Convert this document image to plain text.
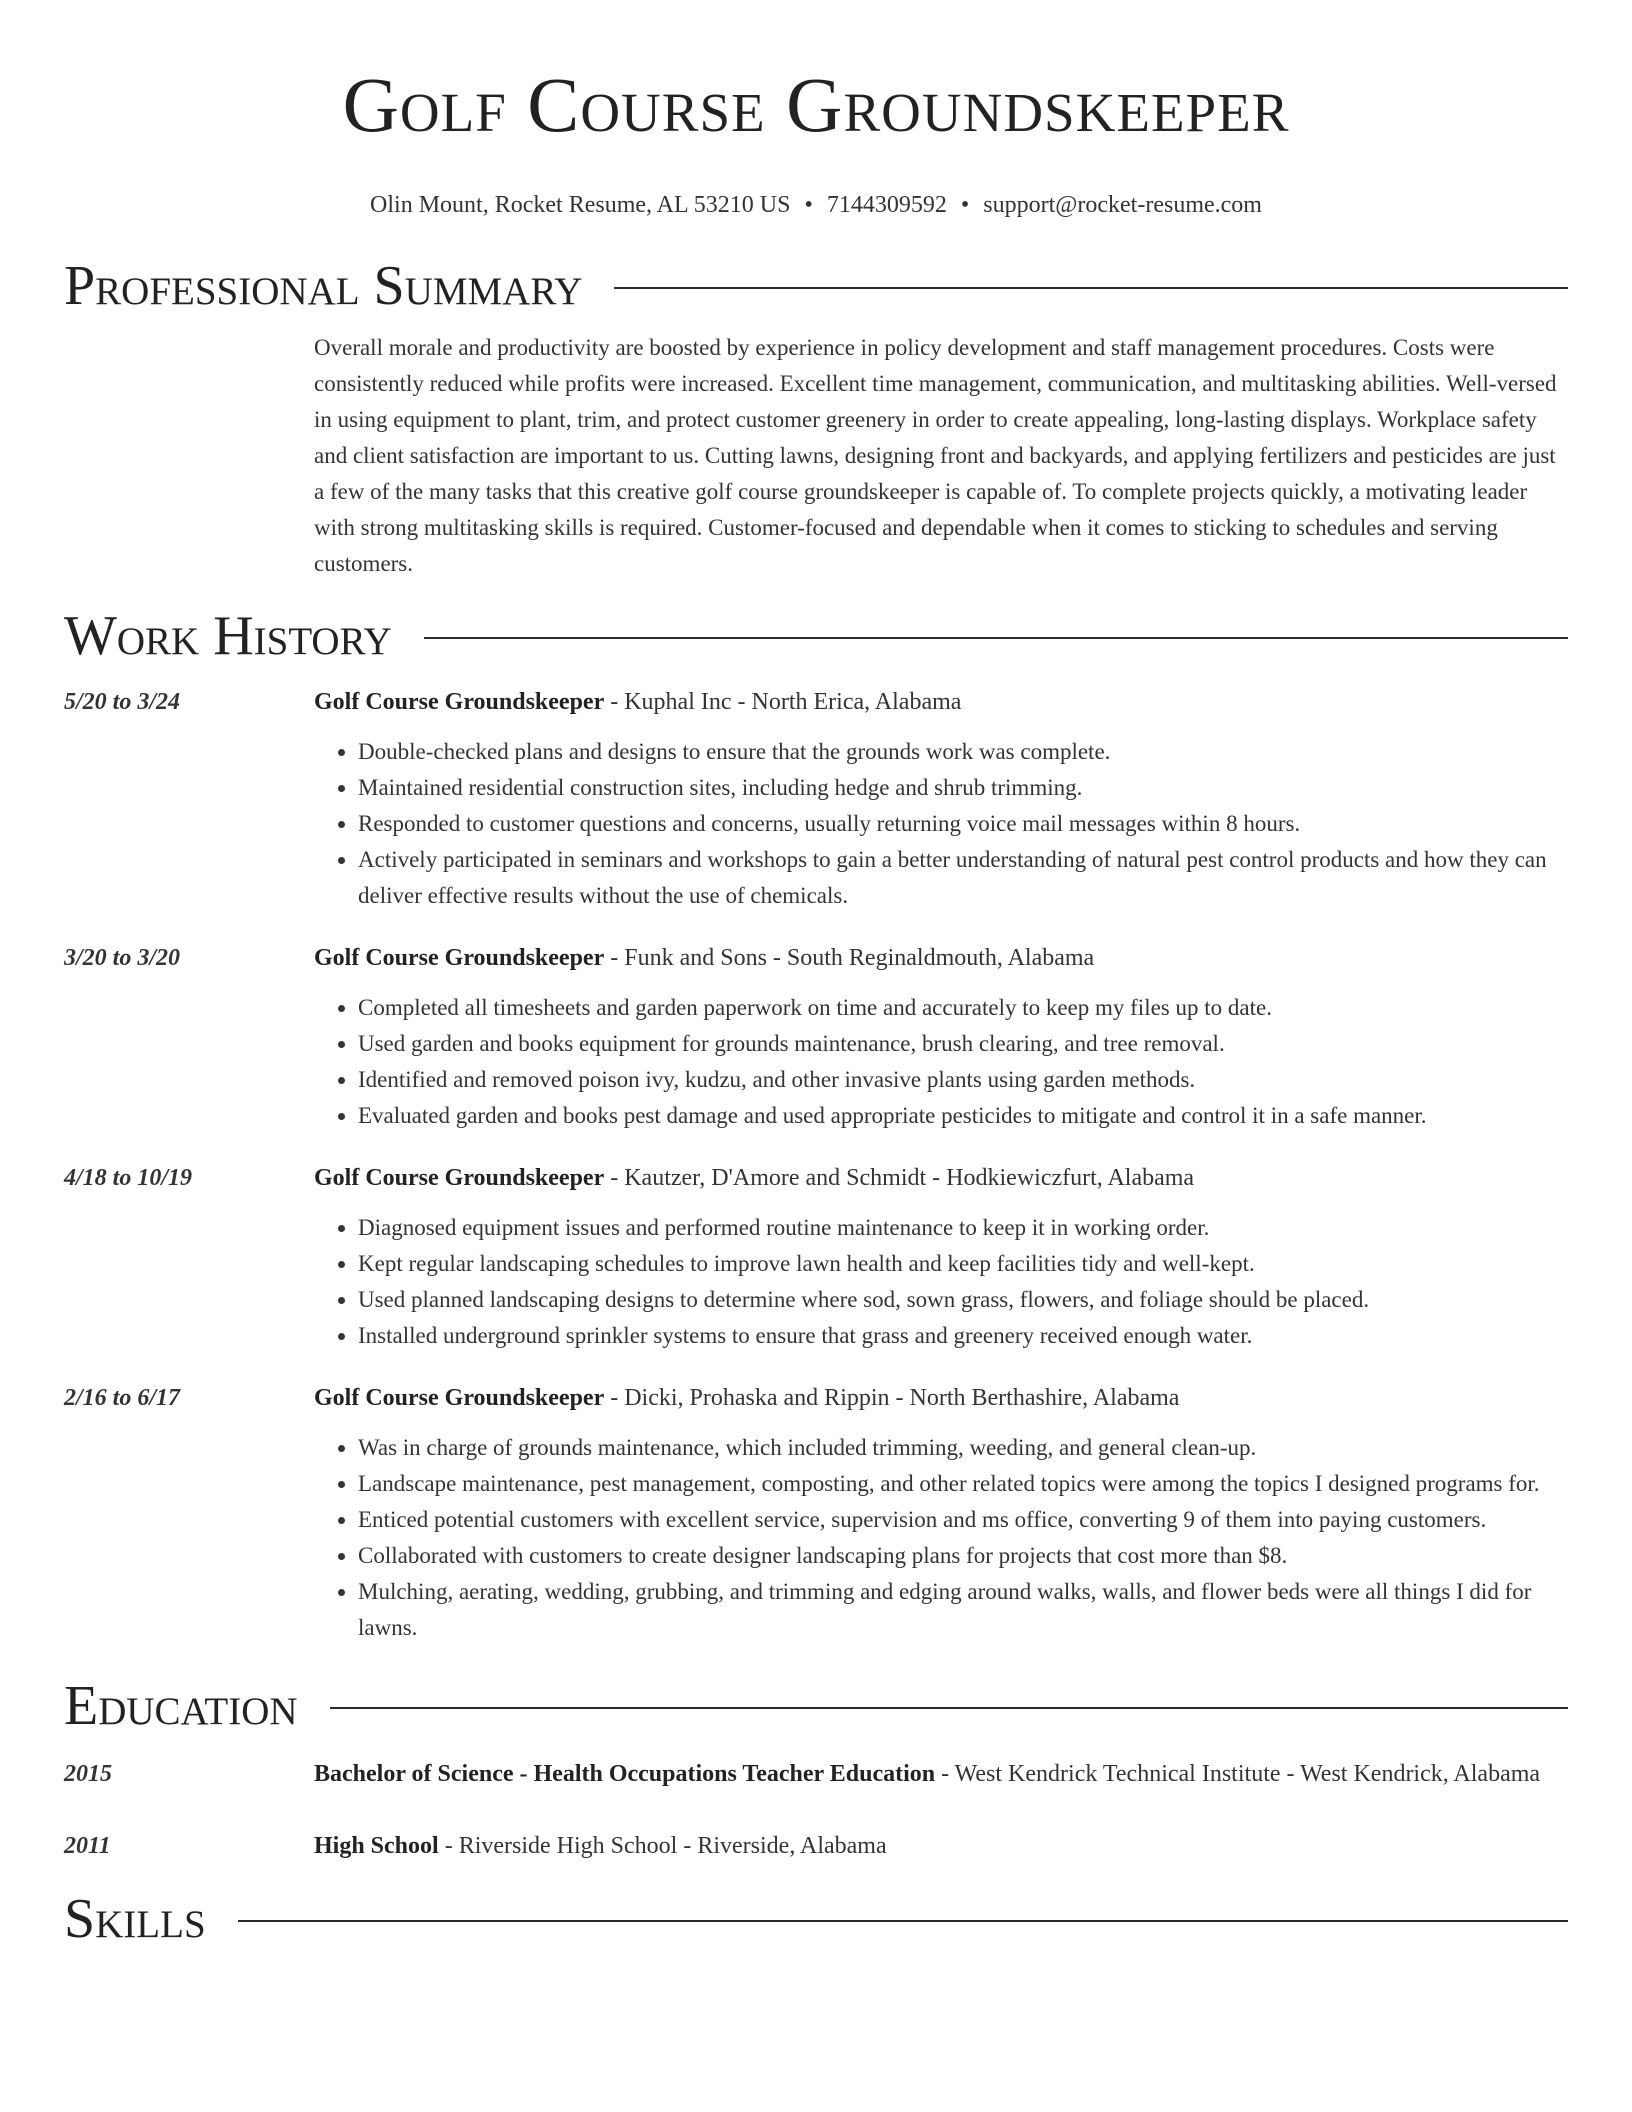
Golf Course Groundskeeper
Olin Mount, Rocket Resume, AL 53210 US • 7144309592 • support@rocket-resume.com
Professional Summary
Overall morale and productivity are boosted by experience in policy development and staff management procedures. Costs were consistently reduced while profits were increased. Excellent time management, communication, and multitasking abilities. Well-versed in using equipment to plant, trim, and protect customer greenery in order to create appealing, long-lasting displays. Workplace safety and client satisfaction are important to us. Cutting lawns, designing front and backyards, and applying fertilizers and pesticides are just a few of the many tasks that this creative golf course groundskeeper is capable of. To complete projects quickly, a motivating leader with strong multitasking skills is required. Customer-focused and dependable when it comes to sticking to schedules and serving customers.
Work History
5/20 to 3/24	Golf Course Groundskeeper - Kuphal Inc - North Erica, Alabama
• Double-checked plans and designs to ensure that the grounds work was complete.
• Maintained residential construction sites, including hedge and shrub trimming.
• Responded to customer questions and concerns, usually returning voice mail messages within 8 hours.
• Actively participated in seminars and workshops to gain a better understanding of natural pest control products and how they can deliver effective results without the use of chemicals.
3/20 to 3/20	Golf Course Groundskeeper - Funk and Sons - South Reginaldmouth, Alabama
• Completed all timesheets and garden paperwork on time and accurately to keep my files up to date.
• Used garden and books equipment for grounds maintenance, brush clearing, and tree removal.
• Identified and removed poison ivy, kudzu, and other invasive plants using garden methods.
• Evaluated garden and books pest damage and used appropriate pesticides to mitigate and control it in a safe manner.
4/18 to 10/19	Golf Course Groundskeeper - Kautzer, D'Amore and Schmidt - Hodkiewiczfurt, Alabama
• Diagnosed equipment issues and performed routine maintenance to keep it in working order.
• Kept regular landscaping schedules to improve lawn health and keep facilities tidy and well-kept.
• Used planned landscaping designs to determine where sod, sown grass, flowers, and foliage should be placed.
• Installed underground sprinkler systems to ensure that grass and greenery received enough water.
2/16 to 6/17	Golf Course Groundskeeper - Dicki, Prohaska and Rippin - North Berthashire, Alabama
• Was in charge of grounds maintenance, which included trimming, weeding, and general clean-up.
• Landscape maintenance, pest management, composting, and other related topics were among the topics I designed programs for.
• Enticed potential customers with excellent service, supervision and ms office, converting 9 of them into paying customers.
• Collaborated with customers to create designer landscaping plans for projects that cost more than $8.
• Mulching, aerating, wedding, grubbing, and trimming and edging around walks, walls, and flower beds were all things I did for lawns.
Education
2015	Bachelor of Science - Health Occupations Teacher Education - West Kendrick Technical Institute - West Kendrick, Alabama
2011	High School - Riverside High School - Riverside, Alabama
Skills
